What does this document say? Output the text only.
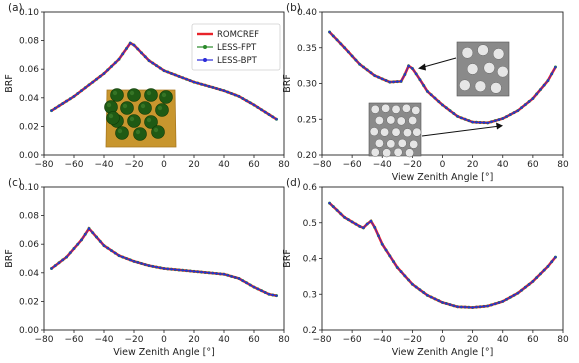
−80 −60 −40 −20 0 20 40 60 80
0.00
0.02
0.04
0.06
0.08
0.10
BRF
(a)
ROMCREF
LESS-FPT
LESS-BPT
−80 −60 −40 −20 0 20 40 60 80
0.20
0.25
0.30
0.35
0.40
View Zenith Angle [°]
BRF
(b)
−80 −60 −40 −20 0 20 40 60 80
0.00
0.02
0.04
0.06
0.08
0.10
View Zenith Angle [°]
BRF
(c)
−80 −60 −40 −20 0 20 40 60 80
0.2
0.3
0.4
0.5
0.6
View Zenith Angle [°]
BRF
(d)
